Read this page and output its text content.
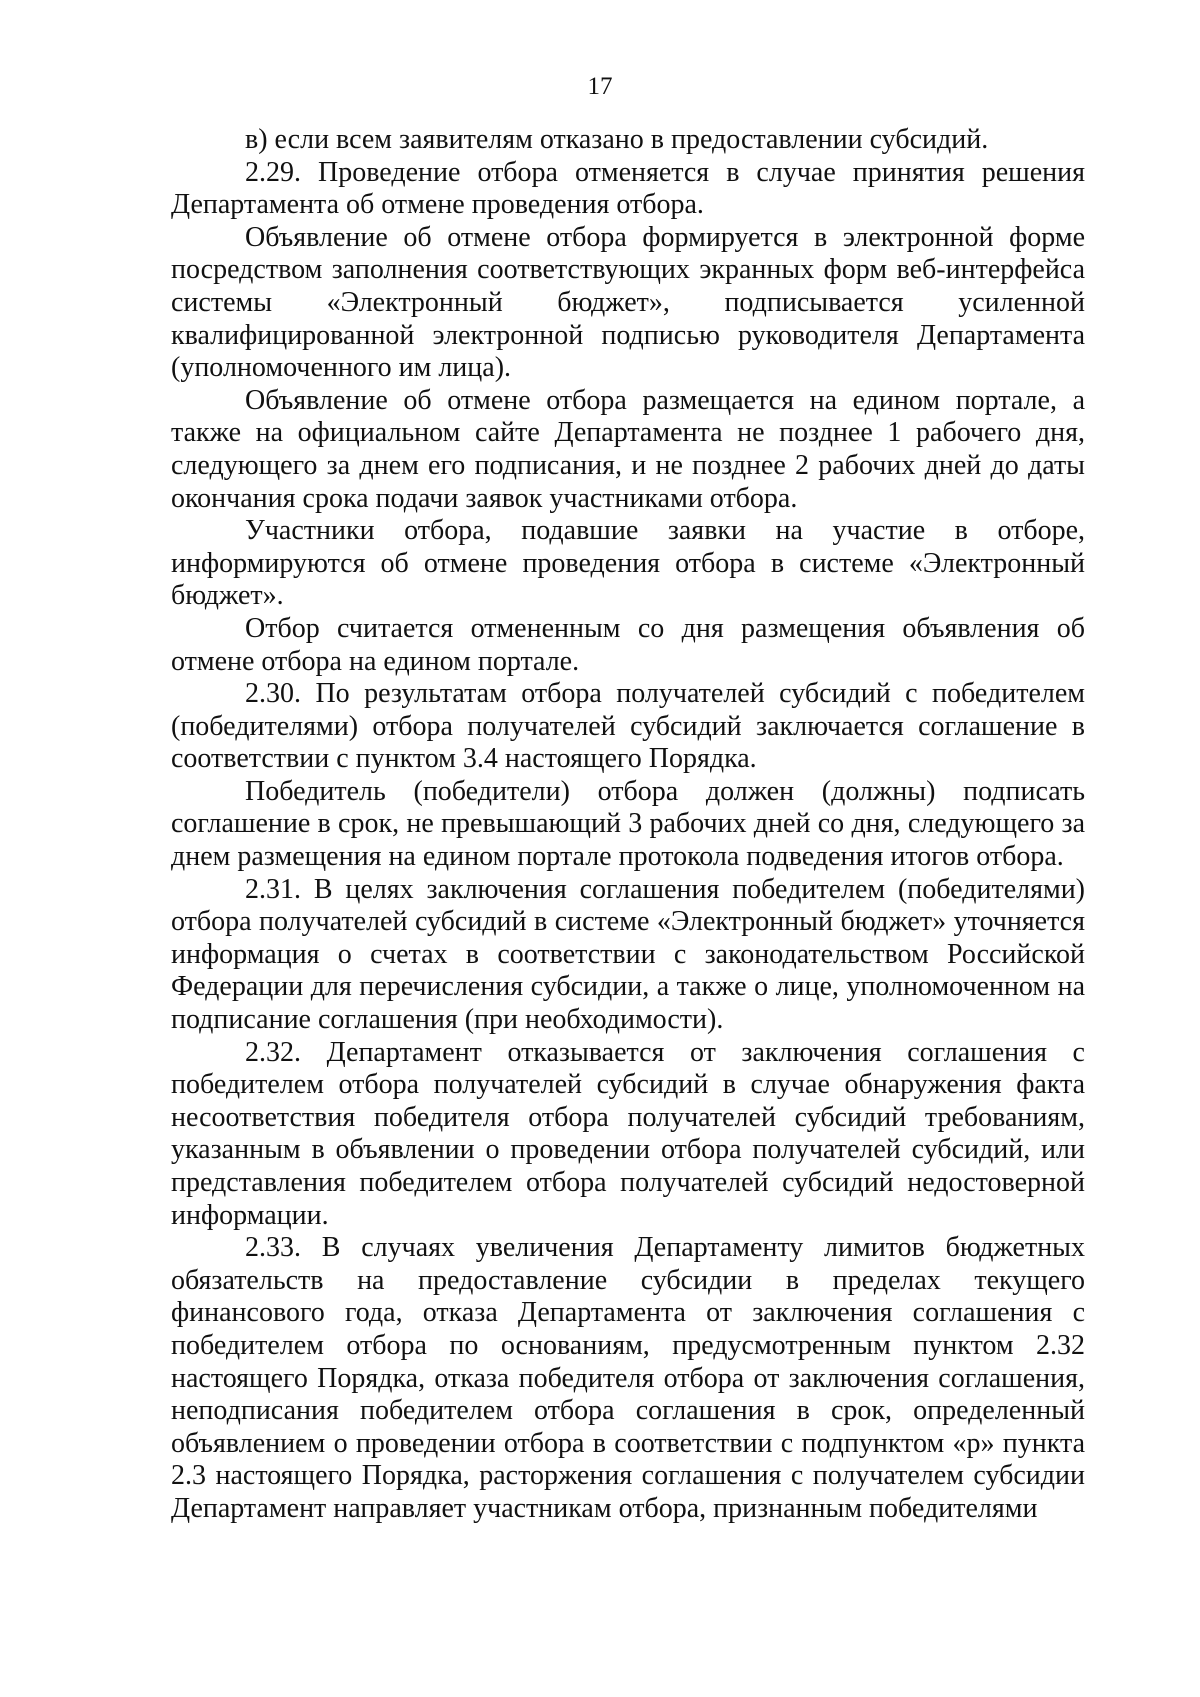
17

в) если всем заявителям отказано в предоставлении субсидий.

2.29. Проведение отбора отменяется в случае принятия решения Департамента об отмене проведения отбора.

Объявление об отмене отбора формируется в электронной форме посредством заполнения соответствующих экранных форм веб-интерфейса системы «Электронный бюджет», подписывается усиленной квалифицированной электронной подписью руководителя Департамента (уполномоченного им лица).

Объявление об отмене отбора размещается на едином портале, а также на официальном сайте Департамента не позднее 1 рабочего дня, следующего за днем его подписания, и не позднее 2 рабочих дней до даты окончания срока подачи заявок участниками отбора.

Участники отбора, подавшие заявки на участие в отборе, информируются об отмене проведения отбора в системе «Электронный бюджет».

Отбор считается отмененным со дня размещения объявления об отмене отбора на едином портале.

2.30. По результатам отбора получателей субсидий с победителем (победителями) отбора получателей субсидий заключается соглашение в соответствии с пунктом 3.4 настоящего Порядка.

Победитель (победители) отбора должен (должны) подписать соглашение в срок, не превышающий 3 рабочих дней со дня, следующего за днем размещения на едином портале протокола подведения итогов отбора.

2.31. В целях заключения соглашения победителем (победителями) отбора получателей субсидий в системе «Электронный бюджет» уточняется информация о счетах в соответствии с законодательством Российской Федерации для перечисления субсидии, а также о лице, уполномоченном на подписание соглашения (при необходимости).

2.32. Департамент отказывается от заключения соглашения с победителем отбора получателей субсидий в случае обнаружения факта несоответствия победителя отбора получателей субсидий требованиям, указанным в объявлении о проведении отбора получателей субсидий, или представления победителем отбора получателей субсидий недостоверной информации.

2.33. В случаях увеличения Департаменту лимитов бюджетных обязательств на предоставление субсидии в пределах текущего финансового года, отказа Департамента от заключения соглашения с победителем отбора по основаниям, предусмотренным пунктом 2.32 настоящего Порядка, отказа победителя отбора от заключения соглашения, неподписания победителем отбора соглашения в срок, определенный объявлением о проведении отбора в соответствии с подпунктом «р» пункта 2.3 настоящего Порядка, расторжения соглашения с получателем субсидии Департамент направляет участникам отбора, признанным победителями
